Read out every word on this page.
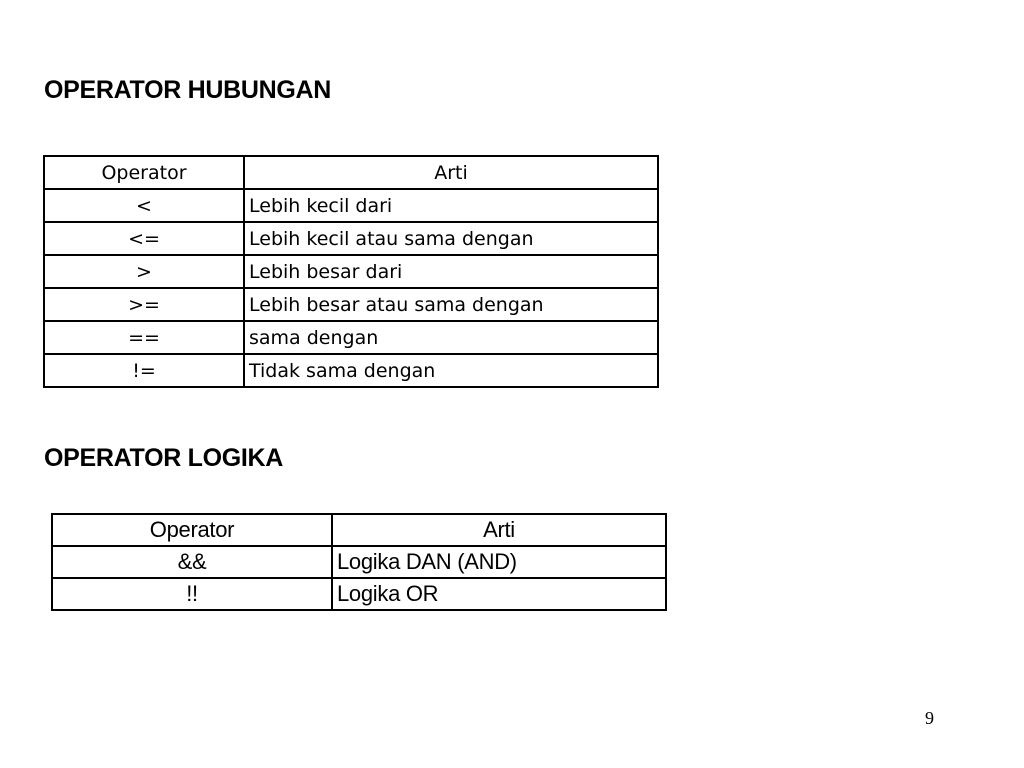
OPERATOR HUBUNGAN
Operator	Arti
<	Lebih kecil dari
<=	Lebih kecil atau sama dengan
>	Lebih besar dari
>=	Lebih besar atau sama dengan
==	sama dengan
!=	Tidak sama dengan
OPERATOR LOGIKA
Operator	Arti
&&	Logika DAN (AND)
!!	Logika OR
9
